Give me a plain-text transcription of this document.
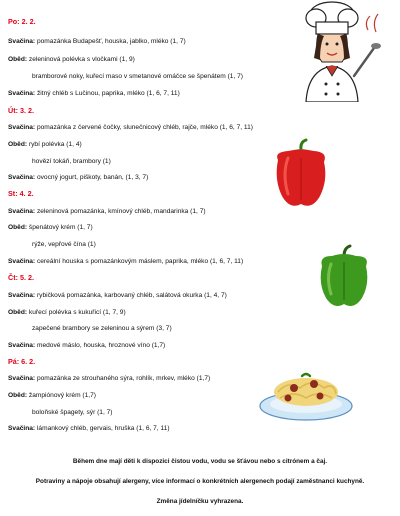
Po: 2. 2.
Svačina: pomazánka Budapešť, houska, jablko, mléko (1, 7)
Oběd: zeleninová polévka s vločkami (1, 9)
bramborové noky, kuřecí maso v smetanové omáčce se špenátem (1, 7)
Svačina: žitný chléb s Lučinou, paprika, mléko (1, 6, 7, 11)
Út: 3. 2.
Svačina: pomazánka z červené čočky, slunečnicový chléb, rajče, mléko (1, 6, 7, 11)
Oběd: rybí polévka (1, 4)
hovězí tokáň, brambory (1)
Svačina: ovocný jogurt, piškoty, banán, (1, 3, 7)
St: 4. 2.
Svačina: zeleninová pomazánka, kmínový chléb, mandarinka (1, 7)
Oběd: špenátový krém (1, 7)
rýže, vepřové čína (1)
Svačina: cereální houska s pomazánkovým máslem, paprika, mléko (1, 6, 7, 11)
Čt: 5. 2.
Svačina: rybičková pomazánka, karbovaný chléb, salátová okurka (1, 4, 7)
Oběd: kuřecí polévka s kukuřicí (1, 7, 9)
zapečené brambory se zeleninou a sýrem (3, 7)
Svačina: medové máslo, houska, hroznové víno (1,7)
Pá: 6. 2.
Svačina: pomazánka ze strouhaného sýra, rohlík, mrkev, mléko (1,7)
Oběd: žampiónový krém (1,7)
boloňské špagety, sýr (1, 7)
Svačina: lámankový chléb, gervais, hruška (1, 6, 7, 11)
Během dne mají děti k dispozici čistou vodu, vodu se šťávou nebo s citrónem a čaj.
Potraviny a nápoje obsahují alergeny, více informací o konkrétních alergenech podají zaměstnanci kuchyně.
Změna jídelníčku vyhrazena.
